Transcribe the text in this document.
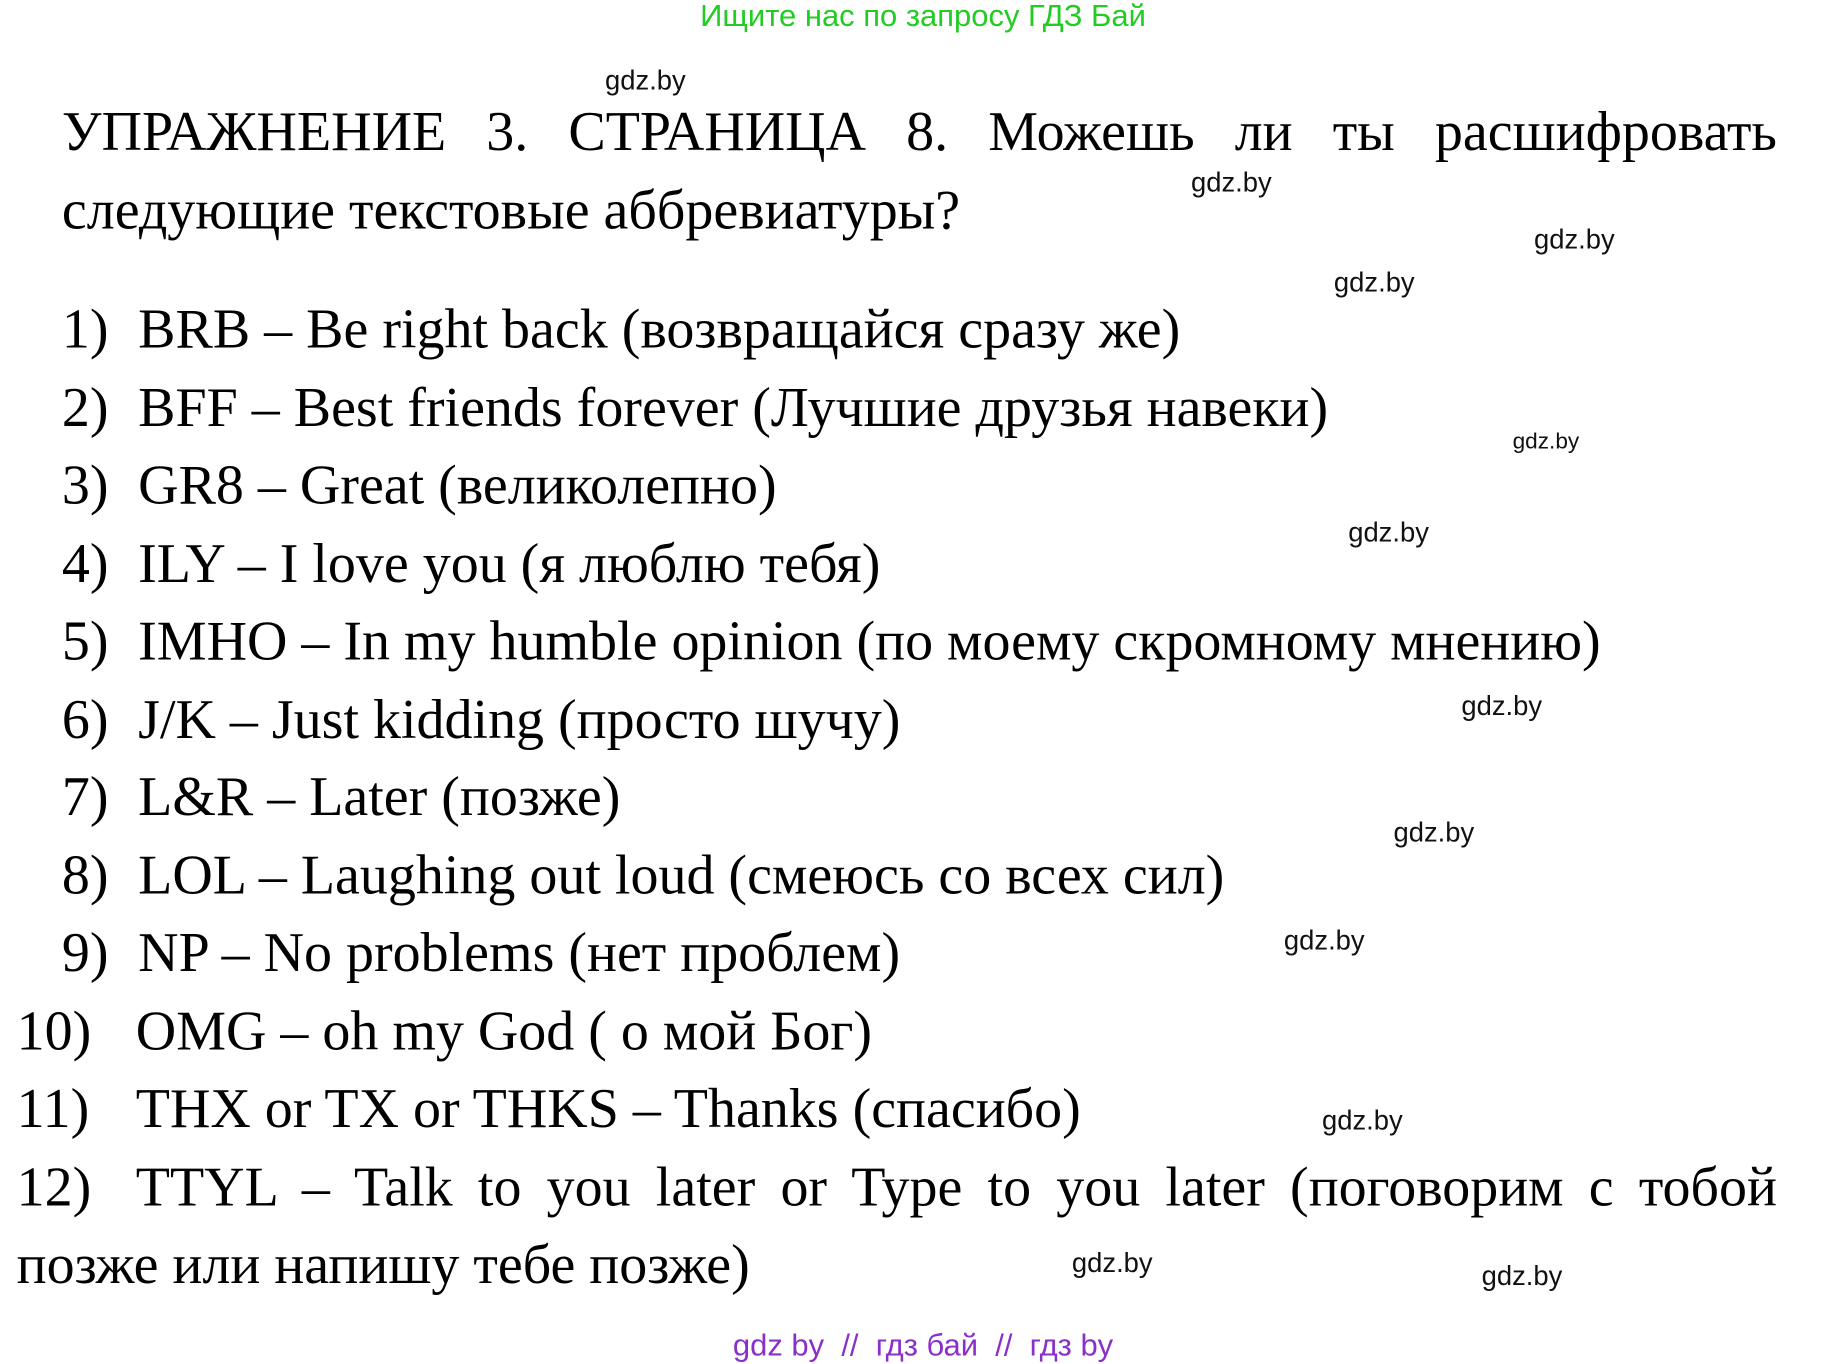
Ищите нас по запросу ГДЗ Бай
УПРАЖНЕНИЕ 3. СТРАНИЦА 8. Можешь ли ты расшифровать
следующие текстовые аббревиатуры?
1) BRB – Be right back (возвращайся сразу же)
2) BFF – Best friends forever (Лучшие друзья навеки)
3) GR8 – Great (великолепно)
4) ILY – I love you (я люблю тебя)
5) IMHO – In my humble opinion (по моему скромному мнению)
6) J/K – Just kidding (просто шучу)
7) L&R – Later (позже)
8) LOL – Laughing out loud (смеюсь со всех сил)
9) NP – No problems (нет проблем)
10) OMG – oh my God ( о мой Бог)
11) THX or TX or THKS – Thanks (спасибо)
12) TTYL – Talk to you later or Type to you later (поговорим с тобой
позже или напишу тебе позже)
gdz.by
gdz.by
gdz.by
gdz.by
gdz.by
gdz.by
gdz.by
gdz.by
gdz.by
gdz.by
gdz.by	gdz.by
gdz by  //  гдз бай  //  гдз by
